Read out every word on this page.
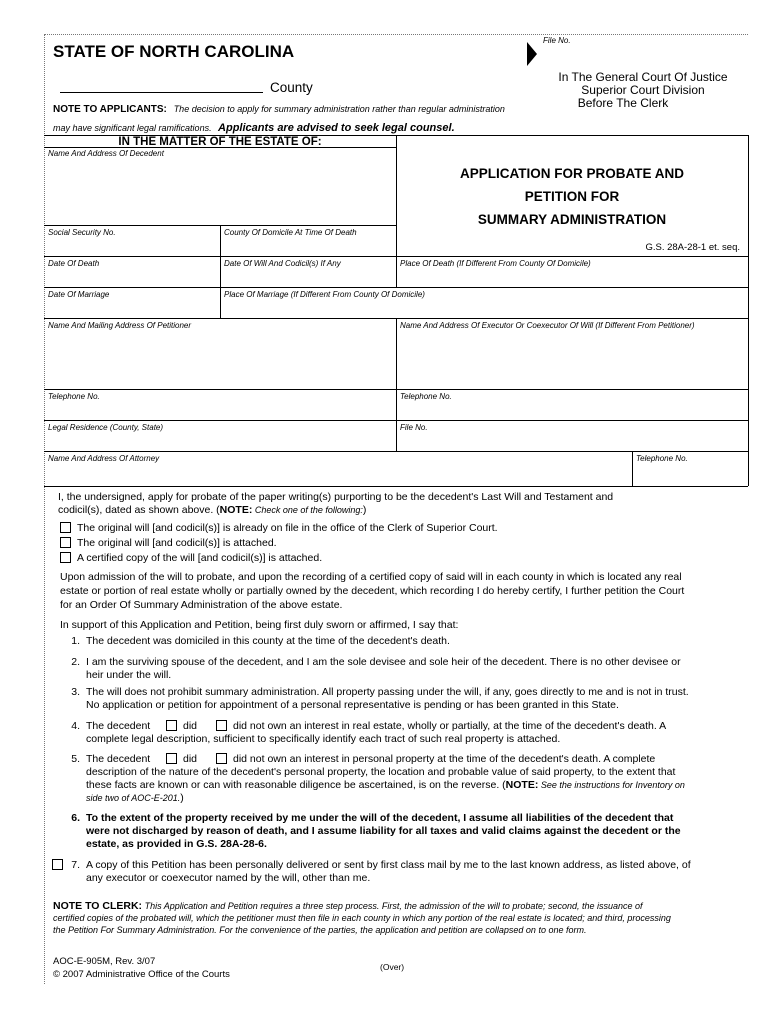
STATE OF NORTH CAROLINA
File No.
County
In The General Court Of Justice
Superior Court Division
Before The Clerk
NOTE TO APPLICANTS: The decision to apply for summary administration rather than regular administration
may have significant legal ramifications. Applicants are advised to seek legal counsel.
IN THE MATTER OF THE ESTATE OF:
Name And Address Of Decedent
APPLICATION FOR PROBATE AND
PETITION FOR
SUMMARY ADMINISTRATION
G.S. 28A-28-1 et. seq.
Social Security No.	County Of Domicile At Time Of Death
Date Of Death	Date Of Will And Codicil(s) If Any	Place Of Death (If Different From County Of Domicile)
Date Of Marriage	Place Of Marriage (If Different From County Of Domicile)
Name And Mailing Address Of Petitioner	Name And Address Of Executor Or Coexecutor Of Will (If Different From Petitioner)
Telephone No.	Telephone No.
Legal Residence (County, State)	File No.
Name And Address Of Attorney	Telephone No.
I, the undersigned, apply for probate of the paper writing(s) purporting to be the decedent's Last Will and Testament and
codicil(s), dated as shown above. (NOTE: Check one of the following:)
The original will [and codicil(s)] is already on file in the office of the Clerk of Superior Court.
The original will [and codicil(s)] is attached.
A certified copy of the will [and codicil(s)] is attached.
Upon admission of the will to probate, and upon the recording of a certified copy of said will in each county in which is located any real
estate or portion of real estate wholly or partially owned by the decedent, which recording I do hereby certify, I further petition the Court
for an Order Of Summary Administration of the above estate.
In support of this Application and Petition, being first duly sworn or affirmed, I say that:
1. The decedent was domiciled in this county at the time of the decedent's death.
2. I am the surviving spouse of the decedent, and I am the sole devisee and sole heir of the decedent. There is no other devisee or
heir under the will.
3. The will does not prohibit summary administration. All property passing under the will, if any, goes directly to me and is not in trust.
No application or petition for appointment of a personal representative is pending or has been granted in this State.
4. The decedent	did	did not own an interest in real estate, wholly or partially, at the time of the decedent's death. A
complete legal description, sufficient to specifically identify each tract of such real property is attached.
5. The decedent	did	did not own an interest in personal property at the time of the decedent's death. A complete
description of the nature of the decedent's personal property, the location and probable value of said property, to the extent that
these facts are known or can with reasonable diligence be ascertained, is on the reverse. (NOTE: See the instructions for Inventory on
side two of AOC-E-201.)
6. To the extent of the property received by me under the will of the decedent, I assume all liabilities of the decedent that
were not discharged by reason of death, and I assume liability for all taxes and valid claims against the decedent or the
estate, as provided in G.S. 28A-28-6.
7. A copy of this Petition has been personally delivered or sent by first class mail by me to the last known address, as listed above, of
any executor or coexecutor named by the will, other than me.
NOTE TO CLERK: This Application and Petition requires a three step process. First, the admission of the will to probate; second, the issuance of
certified copies of the probated will, which the petitioner must then file in each county in which any portion of the real estate is located; and third, processing
the Petition For Summary Administration. For the convenience of the parties, the application and petition are collapsed on to one form.
AOC-E-905M, Rev. 3/07
© 2007 Administrative Office of the Courts
(Over)
